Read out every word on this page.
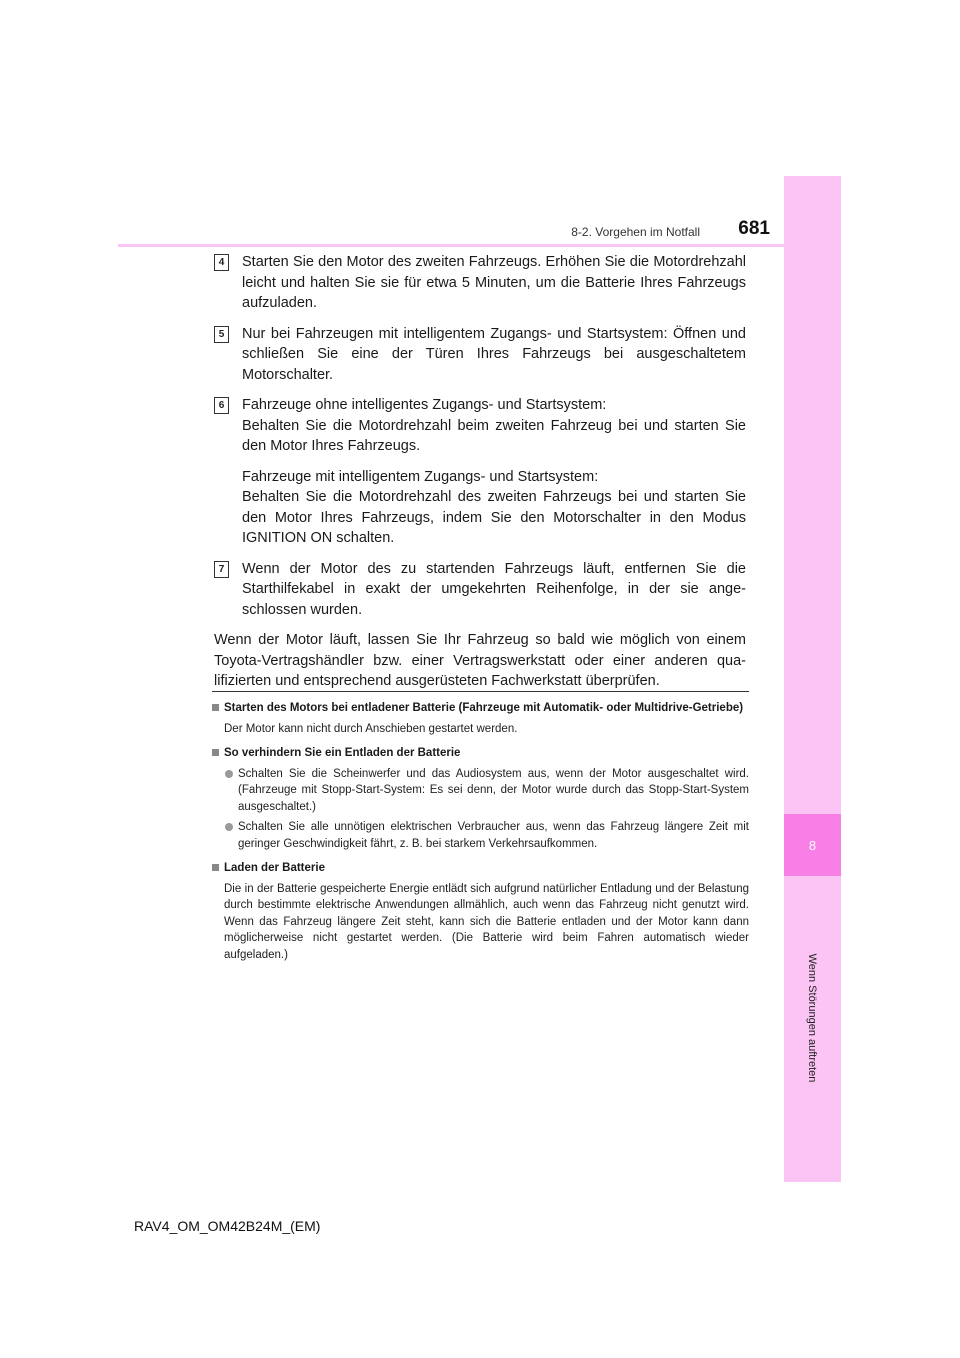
8
Wenn Störungen auftreten
8-2. Vorgehen im Notfall	681
4	Starten Sie den Motor des zweiten Fahrzeugs. Erhöhen Sie die Motordrehzahl leicht und halten Sie sie für etwa 5 Minuten, um die Batterie Ihres Fahrzeugs aufzuladen.

5	Nur bei Fahrzeugen mit intelligentem Zugangs- und Startsystem: Öffnen und schließen Sie eine der Türen Ihres Fahrzeugs bei ausgeschaltetem Motorschalter.

6	Fahrzeuge ohne intelligentes Zugangs- und Startsystem:

Behalten Sie die Motordrehzahl beim zweiten Fahrzeug bei und starten Sie den Motor Ihres Fahrzeugs.

Fahrzeuge mit intelligentem Zugangs- und Startsystem:

Behalten Sie die Motordrehzahl des zweiten Fahrzeugs bei und starten Sie den Motor Ihres Fahrzeugs, indem Sie den Motorschalter in den Modus IGNITION ON schalten.

7	Wenn der Motor des zu startenden Fahrzeugs läuft, entfernen Sie die Starthilfekabel in exakt der umgekehrten Reihenfolge, in der sie angeschlossen wurden.

Wenn der Motor läuft, lassen Sie Ihr Fahrzeug so bald wie möglich von einem Toyota-Vertragshändler bzw. einer Vertragswerkstatt oder einer anderen qualifizierten und entsprechend ausgerüsteten Fachwerkstatt überprüfen.

Starten des Motors bei entladener Batterie (Fahrzeuge mit Automatik- oder Multidrive-Getriebe)
Der Motor kann nicht durch Anschieben gestartet werden.
So verhindern Sie ein Entladen der Batterie
Schalten Sie die Scheinwerfer und das Audiosystem aus, wenn der Motor ausgeschaltet wird. (Fahrzeuge mit Stopp-Start-System: Es sei denn, der Motor wurde durch das Stopp-Start-System ausgeschaltet.)
Schalten Sie alle unnötigen elektrischen Verbraucher aus, wenn das Fahrzeug längere Zeit mit geringer Geschwindigkeit fährt, z. B. bei starkem Verkehrsaufkommen.
Laden der Batterie
Die in der Batterie gespeicherte Energie entlädt sich aufgrund natürlicher Entladung und der Belastung durch bestimmte elektrische Anwendungen allmählich, auch wenn das Fahrzeug nicht genutzt wird. Wenn das Fahrzeug längere Zeit steht, kann sich die Batterie entladen und der Motor kann dann möglicherweise nicht gestartet werden. (Die Batterie wird beim Fahren automatisch wieder aufgeladen.)
RAV4_OM_OM42B24M_(EM)
